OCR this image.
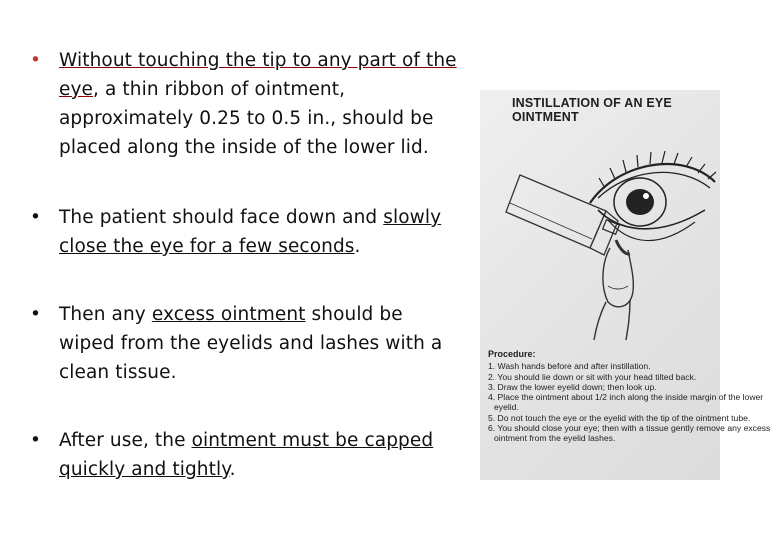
• Without touching the tip to any part of the eye, a thin ribbon of ointment, approximately 0.25 to 0.5 in., should be placed along the inside of the lower lid.
• The patient should face down and slowly close the eye for a few seconds.
• Then any excess ointment should be wiped from the eyelids and lashes with a clean tissue.
• After use, the ointment must be capped quickly and tightly.
INSTILLATION OF AN EYE OINTMENT
Procedure:
1. Wash hands before and after instillation.
2. You should lie down or sit with your head tilted back.
3. Draw the lower eyelid down; then look up.
4. Place the ointment about 1/2 inch along the inside margin of the lower
eyelid.
5. Do not touch the eye or the eyelid with the tip of the ointment tube.
6. You should close your eye; then with a tissue gently remove any excess
ointment from the eyelid lashes.
